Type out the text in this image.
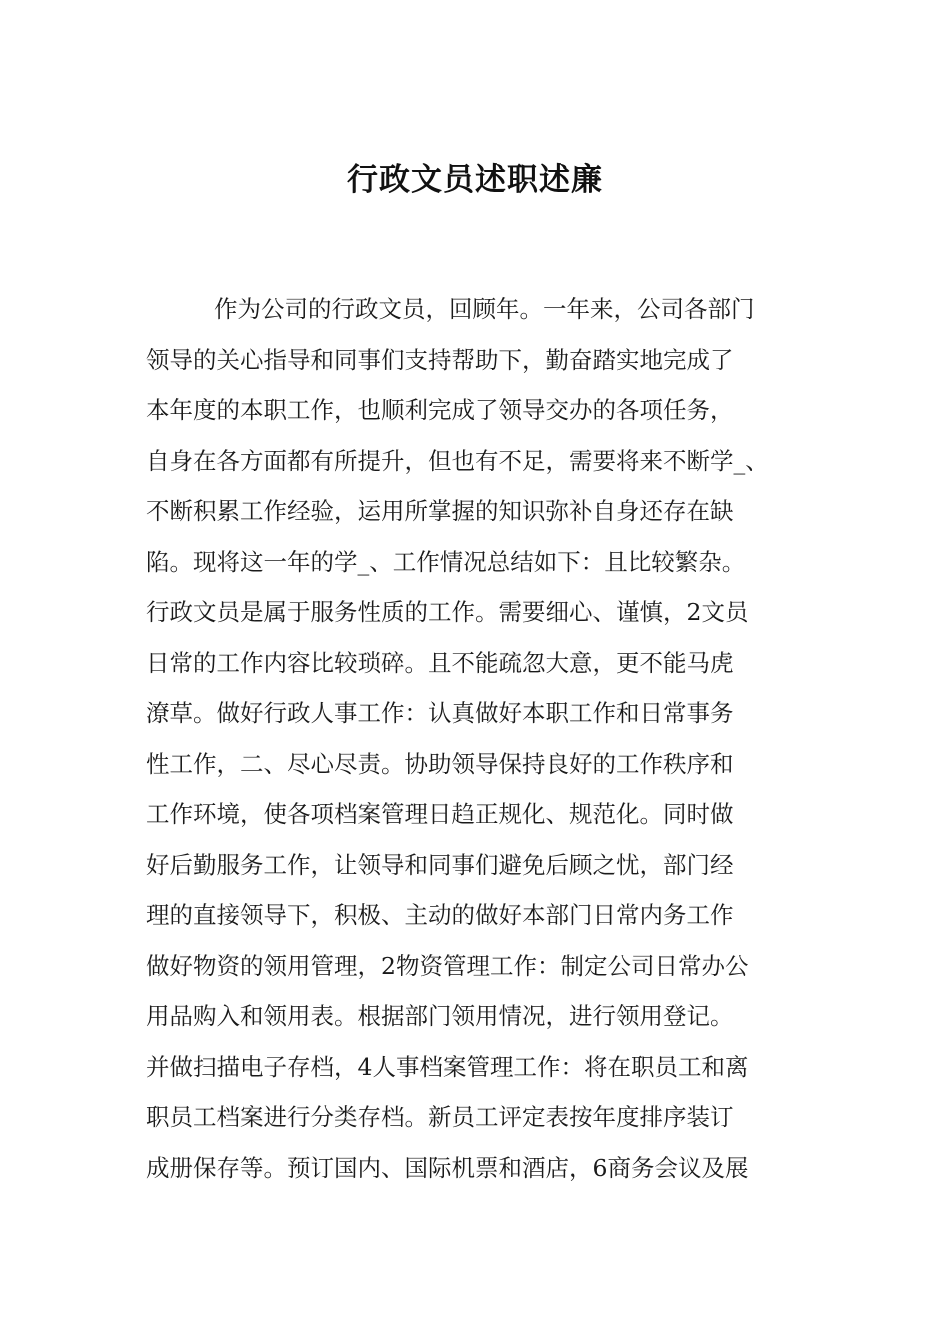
行政文员述职述廉
作为公司的行政文员，回顾年。一年来，公司各部门
领导的关心指导和同事们支持帮助下，勤奋踏实地完成了
本年度的本职工作，也顺利完成了领导交办的各项任务，
自身在各方面都有所提升，但也有不足，需要将来不断学_、
不断积累工作经验，运用所掌握的知识弥补自身还存在缺
陷。现将这一年的学_、工作情况总结如下：且比较繁杂。
行政文员是属于服务性质的工作。需要细心、谨慎，2文员
日常的工作内容比较琐碎。且不能疏忽大意，更不能马虎
潦草。做好行政人事工作：认真做好本职工作和日常事务
性工作，二、尽心尽责。协助领导保持良好的工作秩序和
工作环境，使各项档案管理日趋正规化、规范化。同时做
好后勤服务工作，让领导和同事们避免后顾之忧，部门经
理的直接领导下，积极、主动的做好本部门日常内务工作
做好物资的领用管理，2物资管理工作：制定公司日常办公
用品购入和领用表。根据部门领用情况，进行领用登记。
并做扫描电子存档，4人事档案管理工作：将在职员工和离
职员工档案进行分类存档。新员工评定表按年度排序装订
成册保存等。预订国内、国际机票和酒店，6商务会议及展
